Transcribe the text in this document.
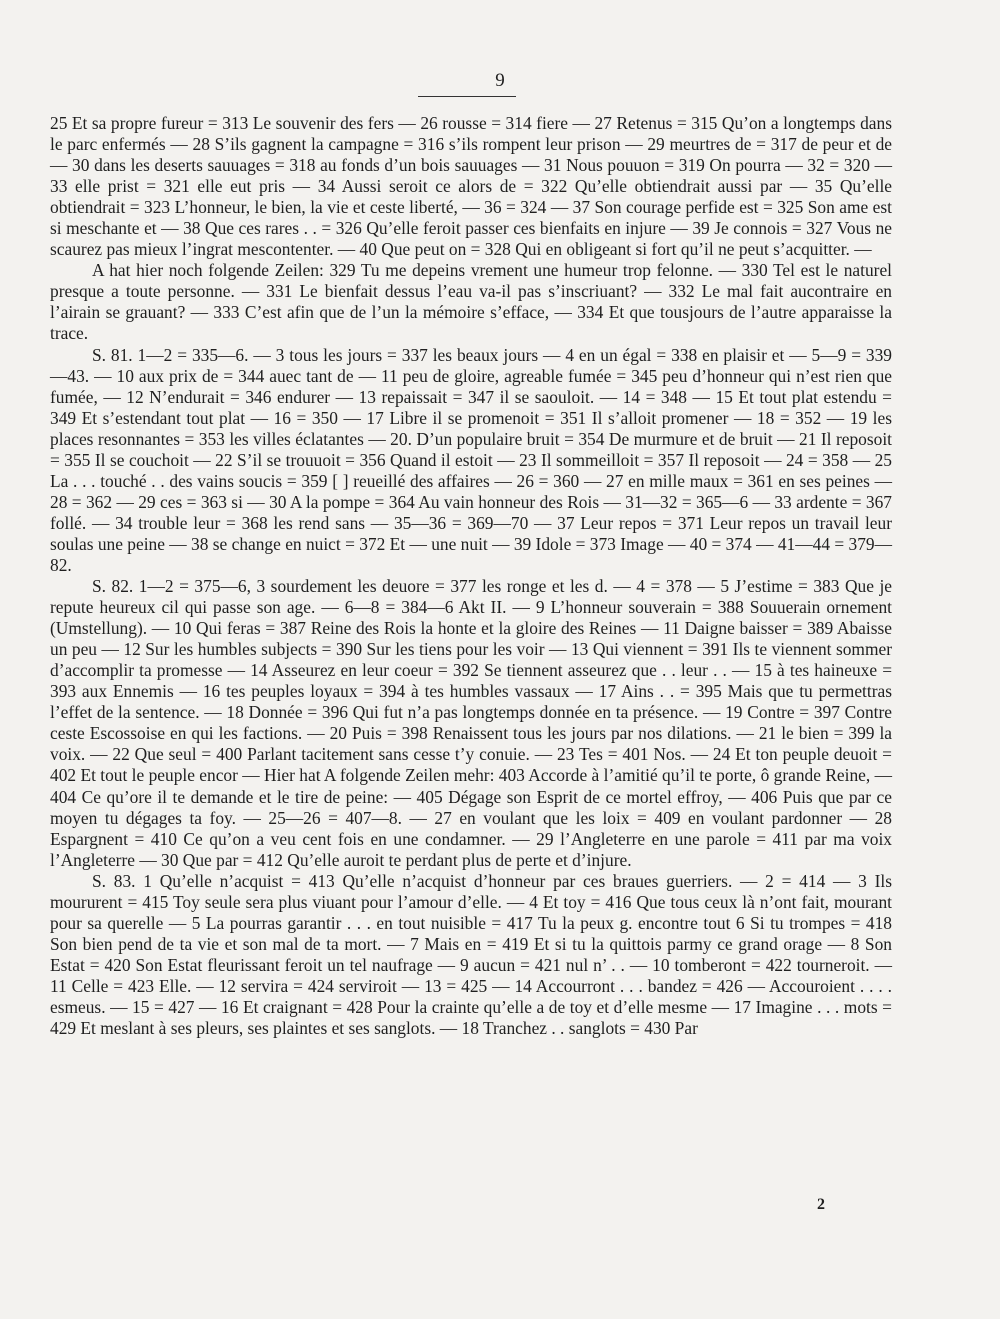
9

25 Et sa propre fureur = 313 Le souvenir des fers — 26 rousse = 314 fiere — 27 Retenus = 315 Qu’on a longtemps dans le parc enfermés — 28 S’ils gagnent la campagne = 316 s’ils rompent leur prison — 29 meurtres de = 317 de peur et de — 30 dans les deserts sauuages = 318 au fonds d’un bois sauuages — 31 Nous pouuon = 319 On pourra — 32 = 320 — 33 elle prist = 321 elle eut pris — 34 Aussi seroit ce alors de = 322 Qu’elle obtiendrait aussi par — 35 Qu’elle obtiendrait = 323 L’honneur, le bien, la vie et ceste liberté, — 36 = 324 — 37 Son courage perfide est = 325 Son ame est si meschante et — 38 Que ces rares . . = 326 Qu’elle feroit passer ces bienfaits en injure — 39 Je connois = 327 Vous ne scaurez pas mieux l’ingrat mescontenter. — 40 Que peut on = 328 Qui en obligeant si fort qu’il ne peut s’acquitter. —

A hat hier noch folgende Zeilen: 329 Tu me depeins vrement une humeur trop felonne. — 330 Tel est le naturel presque a toute personne. — 331 Le bienfait dessus l’eau va-il pas s’inscriuant? — 332 Le mal fait aucontraire en l’airain se grauant? — 333 C’est afin que de l’un la mémoire s’efface, — 334 Et que tousjours de l’autre apparaisse la trace.

S. 81. 1—2 = 335—6. — 3 tous les jours = 337 les beaux jours — 4 en un égal = 338 en plaisir et — 5—9 = 339—43. — 10 aux prix de = 344 auec tant de — 11 peu de gloire, agreable fumée = 345 peu d’honneur qui n’est rien que fumée, — 12 N’endurait = 346 endurer — 13 repaissait = 347 il se saouloit. — 14 = 348 — 15 Et tout plat estendu = 349 Et s’estendant tout plat — 16 = 350 — 17 Libre il se promenoit = 351 Il s’alloit promener — 18 = 352 — 19 les places resonnantes = 353 les villes éclatantes — 20. D’un populaire bruit = 354 De murmure et de bruit — 21 Il reposoit = 355 Il se couchoit — 22 S’il se trouuoit = 356 Quand il estoit — 23 Il sommeilloit = 357 Il reposoit — 24 = 358 — 25 La . . . touché . . des vains soucis = 359 [ ] reueillé des affaires — 26 = 360 — 27 en mille maux = 361 en ses peines — 28 = 362 — 29 ces = 363 si — 30 A la pompe = 364 Au vain honneur des Rois — 31—32 = 365—6 — 33 ardente = 367 follé. — 34 trouble leur = 368 les rend sans — 35—36 = 369—70 — 37 Leur repos = 371 Leur repos un travail leur soulas une peine — 38 se change en nuict = 372 Et — une nuit — 39 Idole = 373 Image — 40 = 374 — 41—44 = 379—82.

S. 82. 1—2 = 375—6, 3 sourdement les deuore = 377 les ronge et les d. — 4 = 378 — 5 J’estime = 383 Que je repute heureux cil qui passe son age. — 6—8 = 384—6 Akt II. — 9 L’honneur souverain = 388 Souuerain ornement (Umstellung). — 10 Qui feras = 387 Reine des Rois la honte et la gloire des Reines — 11 Daigne baisser = 389 Abaisse un peu — 12 Sur les humbles subjects = 390 Sur les tiens pour les voir — 13 Qui viennent = 391 Ils te viennent sommer d’accomplir ta promesse — 14 Asseurez en leur coeur = 392 Se tiennent asseurez que . . leur . . — 15 à tes haineuxe = 393 aux Ennemis — 16 tes peuples loyaux = 394 à tes humbles vassaux — 17 Ains . . = 395 Mais que tu permettras l’effet de la sentence. — 18 Donnée = 396 Qui fut n’a pas longtemps donnée en ta présence. — 19 Contre = 397 Contre ceste Escossoise en qui les factions. — 20 Puis = 398 Renaissent tous les jours par nos dilations. — 21 le bien = 399 la voix. — 22 Que seul = 400 Parlant tacitement sans cesse t’y conuie. — 23 Tes = 401 Nos. — 24 Et ton peuple deuoit = 402 Et tout le peuple encor — Hier hat A folgende Zeilen mehr: 403 Accorde à l’amitié qu’il te porte, ô grande Reine, — 404 Ce qu’ore il te demande et le tire de peine: — 405 Dégage son Esprit de ce mortel effroy, — 406 Puis que par ce moyen tu dégages ta foy. — 25—26 = 407—8. — 27 en voulant que les loix = 409 en voulant pardonner — 28 Espargnent = 410 Ce qu’on a veu cent fois en une condamner. — 29 l’Angleterre en une parole = 411 par ma voix l’Angleterre — 30 Que par = 412 Qu’elle auroit te perdant plus de perte et d’injure.

S. 83. 1 Qu’elle n’acquist = 413 Qu’elle n’acquist d’honneur par ces braues guerriers. — 2 = 414 — 3 Ils moururent = 415 Toy seule sera plus viuant pour l’amour d’elle. — 4 Et toy = 416 Que tous ceux là n’ont fait, mourant pour sa querelle — 5 La pourras garantir . . . en tout nuisible = 417 Tu la peux g. encontre tout 6 Si tu trompes = 418 Son bien pend de ta vie et son mal de ta mort. — 7 Mais en = 419 Et si tu la quittois parmy ce grand orage — 8 Son Estat = 420 Son Estat fleurissant feroit un tel naufrage — 9 aucun = 421 nul n’ . . — 10 tomberont = 422 tourneroit. — 11 Celle = 423 Elle. — 12 servira = 424 serviroit — 13 = 425 — 14 Accourront . . . bandez = 426 — Accouroient . . . . esmeus. — 15 = 427 — 16 Et craignant = 428 Pour la crainte qu’elle a de toy et d’elle mesme — 17 Imagine . . . mots = 429 Et meslant à ses pleurs, ses plaintes et ses sanglots. — 18 Tranchez . . sanglots = 430 Par

2
